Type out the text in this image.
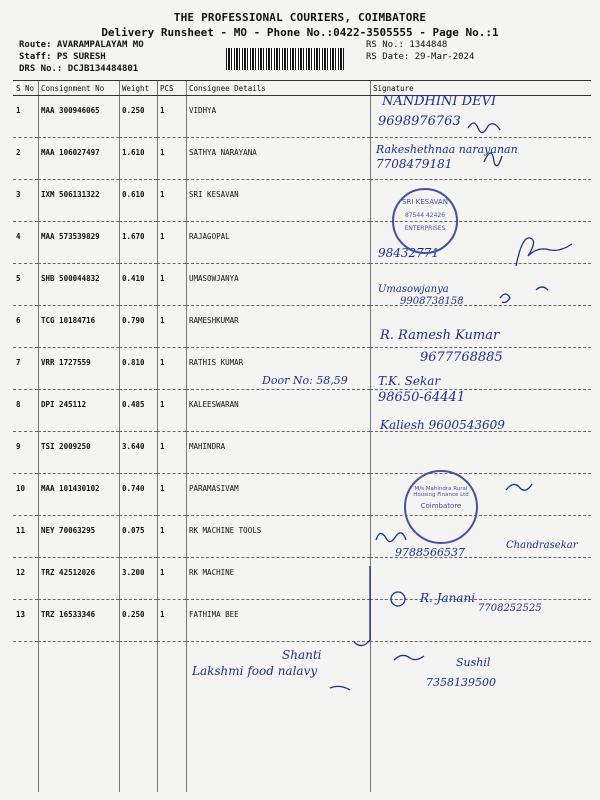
THE PROFESSIONAL COURIERS, COIMBATORE
Delivery Runsheet - MO - Phone No.:0422-3505555 - Page No.:1
Route: AVARAMPALAYAM MO
Staff: PS SURESH
DRS No.: DCJB134484801
RS No.: 1344848
RS Date: 29-Mar-2024
S No	Consignment No	Weight	PCS	Consignee Details	Signature
1	MAA 300946065	0.250	1	VIDHYA	
2	MAA 106027497	1.610	1	SATHYA NARAYANA	
3	IXM 506131322	0.610	1	SRI KESAVAN	
4	MAA 573539829	1.670	1	RAJAGOPAL	
5	SHB 500044832	0.410	1	UMASOWJANYA	
6	TCG 10184716	0.790	1	RAMESHKUMAR	
7	VRR 1727559	0.810	1	RATHIS KUMAR	
8	DPI 245112	0.485	1	KALEESWARAN	
9	TSI 2009250	3.640	1	MAHINDRA	
10	MAA 101430102	0.740	1	PARAMASIVAM	
11	NEY 70063295	0.075	1	RK MACHINE TOOLS	
12	TRZ 42512026	3.200	1	RK MACHINE	
13	TRZ 16533346	0.250	1	FATHIMA BEE	
NANDHINI DEVI
9698976763
Rakeshethnaa narayanan
7708479181
98432771
Umasowjanya
9908738158
R. Ramesh Kumar
9677768885
Door No: 58,59	T.K. Sekar
98650-64441
Kaliesh 9600543609
9788566537
Chandrasekar
R. Janani
7708252525
Shanti
Lakshmi food nalavy
Sushil
7358139500
SRI KESAVAN
87544 42426
ENTERPRISES
M/s Mahindra Rural Housing Finance Ltd
Coimbatore
